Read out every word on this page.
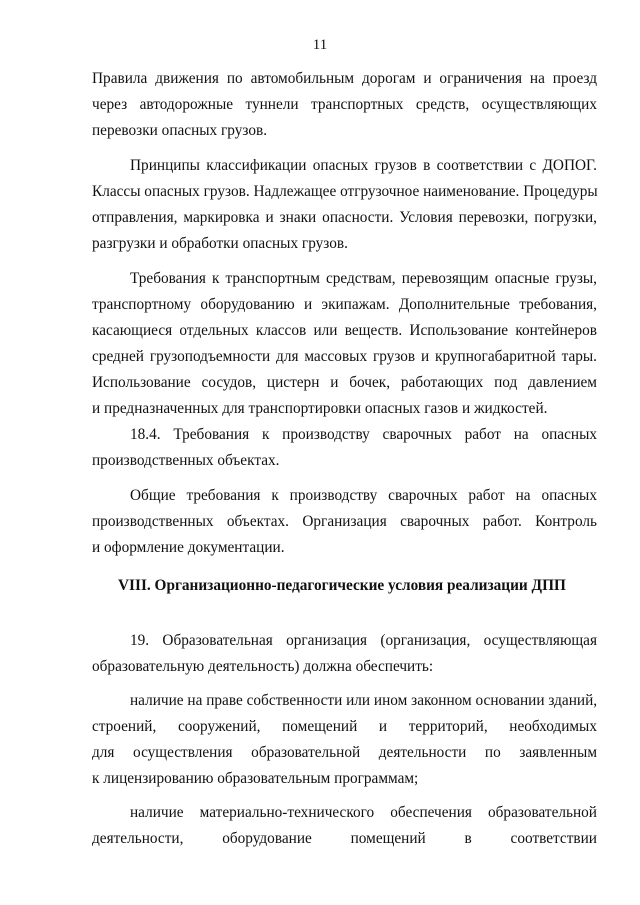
11

Правила движения по автомобильным дорогам и ограничения на проезд
через автодорожные туннели транспортных средств, осуществляющих
перевозки опасных грузов.

Принципы классификации опасных грузов в соответствии с ДОПОГ.
Классы опасных грузов. Надлежащее отгрузочное наименование. Процедуры
отправления, маркировка и знаки опасности. Условия перевозки, погрузки,
разгрузки и обработки опасных грузов.

Требования к транспортным средствам, перевозящим опасные грузы,
транспортному оборудованию и экипажам. Дополнительные требования,
касающиеся отдельных классов или веществ. Использование контейнеров
средней грузоподъемности для массовых грузов и крупногабаритной тары.
Использование сосудов, цистерн и бочек, работающих под давлением
и предназначенных для транспортировки опасных газов и жидкостей.

18.4. Требования к производству сварочных работ на опасных
производственных объектах.

Общие требования к производству сварочных работ на опасных
производственных объектах. Организация сварочных работ. Контроль
и оформление документации.

VIII. Организационно-педагогические условия реализации ДПП

19. Образовательная организация (организация, осуществляющая
образовательную деятельность) должна обеспечить:

наличие на праве собственности или ином законном основании зданий,
строений, сооружений, помещений и территорий, необходимых
для осуществления образовательной деятельности по заявленным
к лицензированию образовательным программам;

наличие материально-технического обеспечения образовательной
деятельности, оборудование помещений в соответствии
